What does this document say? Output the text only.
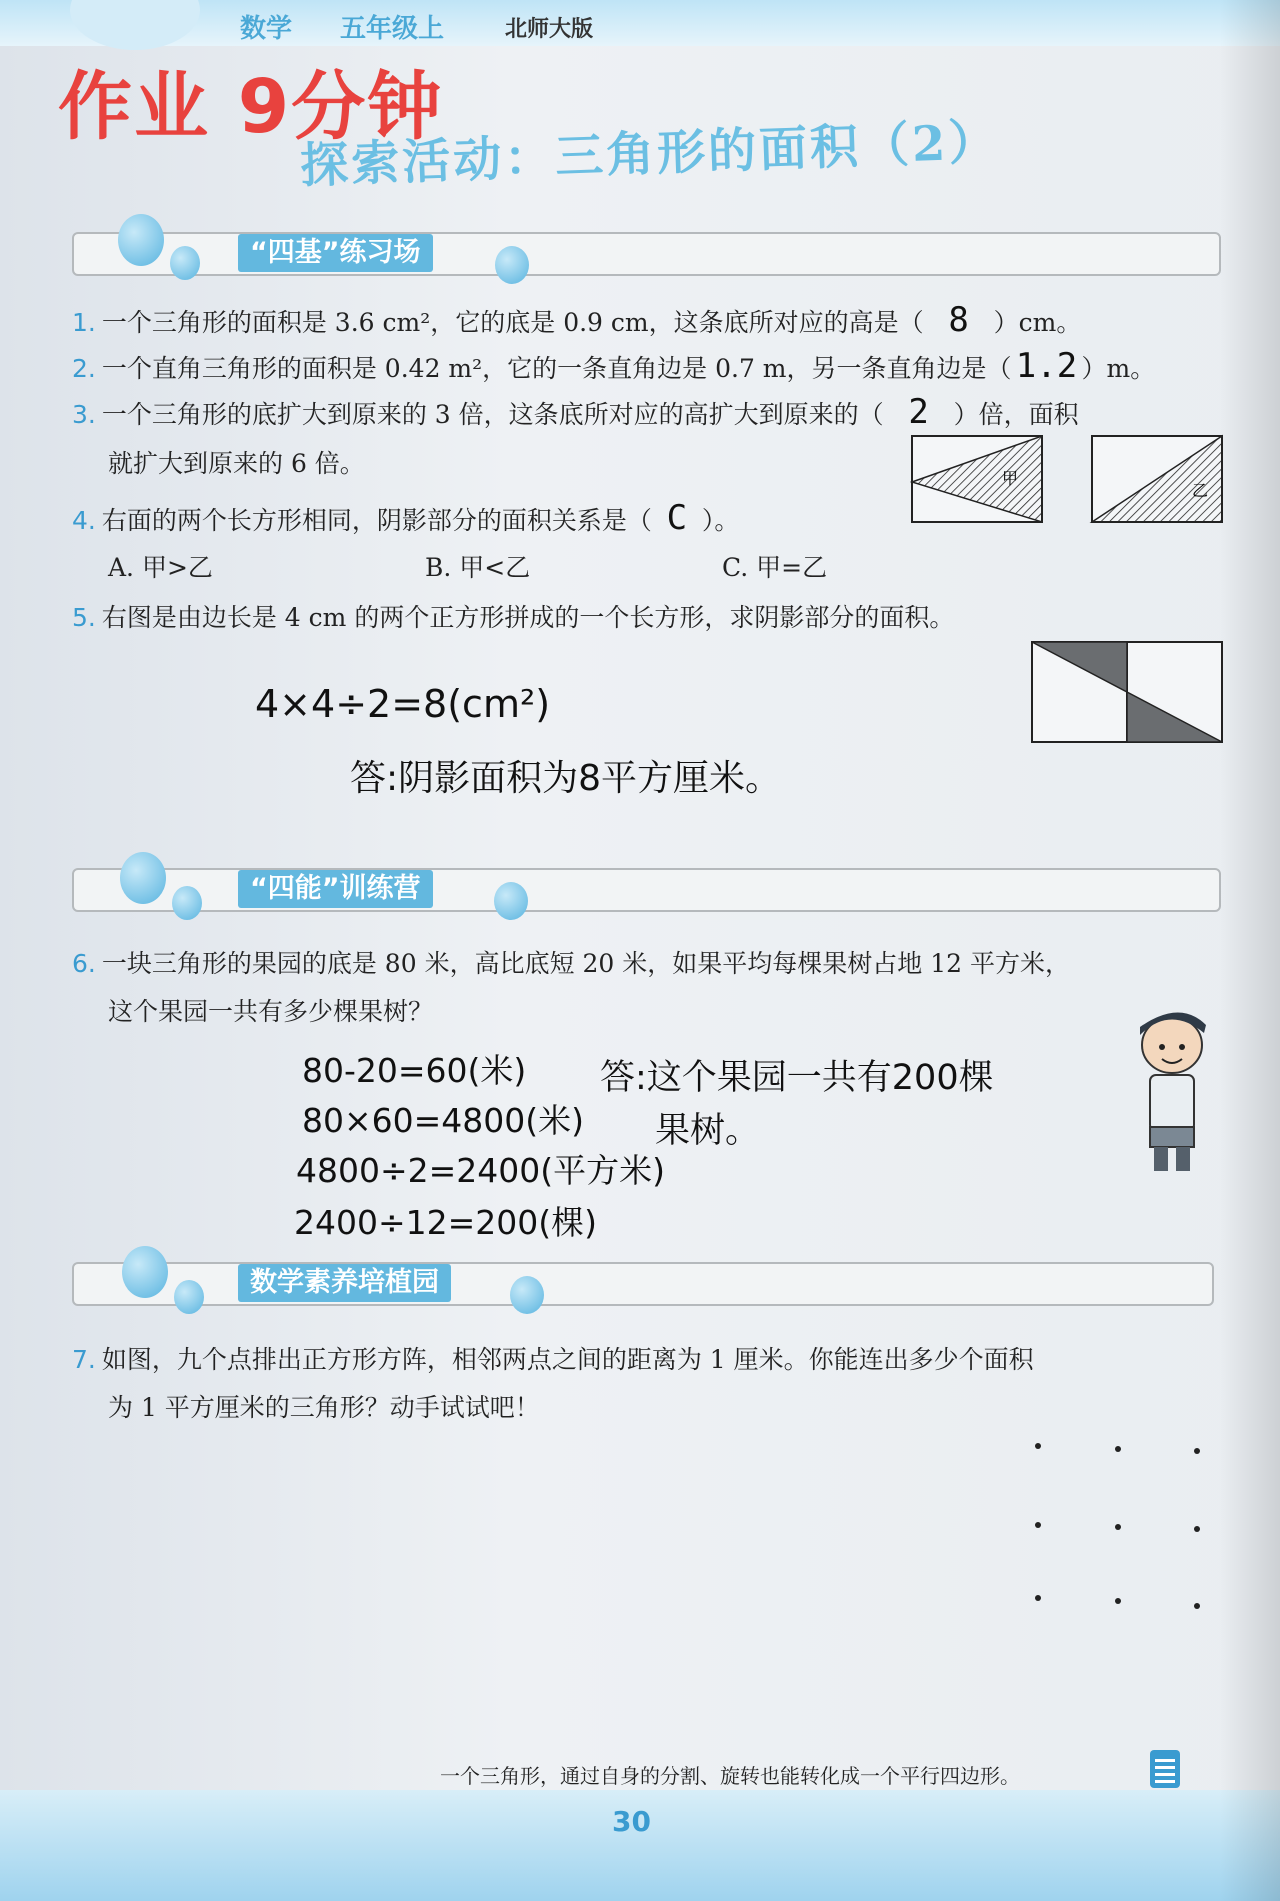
数学 五年级上	北师大版
作业 9分钟
探索活动：三角形的面积（2）
“四基”练习场
1. 一个三角形的面积是 3.6 cm²，它的底是 0.9 cm，这条底所对应的高是（ 8 ）cm。
2. 一个直角三角形的面积是 0.42 m²，它的一条直角边是 0.7 m，另一条直角边是（ 1.2 ）m。
3. 一个三角形的底扩大到原来的 3 倍，这条底所对应的高扩大到原来的（ 2 ）倍，面积
就扩大到原来的 6 倍。
4. 右面的两个长方形相同，阴影部分的面积关系是（ C ）。
A. 甲>乙	B. 甲<乙	C. 甲=乙
甲
乙
5. 右图是由边长是 4 cm 的两个正方形拼成的一个长方形，求阴影部分的面积。
4×4÷2=8(cm²)
答:阴影面积为8平方厘米。
“四能”训练营
6. 一块三角形的果园的底是 80 米，高比底短 20 米，如果平均每棵果树占地 12 平方米，
这个果园一共有多少棵果树？
80-20=60(米)
80×60=4800(米)
4800÷2=2400(平方米)
2400÷12=200(棵)
答:这个果园一共有200棵
果树。
数学素养培植园
7. 如图，九个点排出正方形方阵，相邻两点之间的距离为 1 厘米。你能连出多少个面积
为 1 平方厘米的三角形？动手试试吧！
一个三角形，通过自身的分割、旋转也能转化成一个平行四边形。
30
